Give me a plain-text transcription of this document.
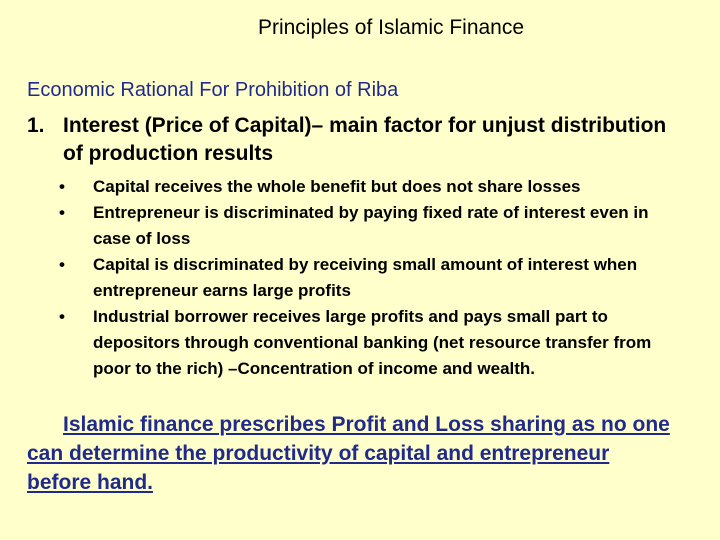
Principles of Islamic Finance
Economic Rational For Prohibition of Riba
1. Interest (Price of Capital)– main factor for unjust distribution of production results
• Capital receives the whole benefit but does not share losses
• Entrepreneur is discriminated by paying fixed rate of interest even in case of loss
• Capital is discriminated by receiving small amount of interest when entrepreneur earns large profits
• Industrial borrower receives large profits and pays small part to depositors through conventional banking (net resource transfer from poor to the rich) –Concentration of income and wealth.
Islamic finance prescribes Profit and Loss sharing as no one can determine the productivity of capital and entrepreneur before hand.
